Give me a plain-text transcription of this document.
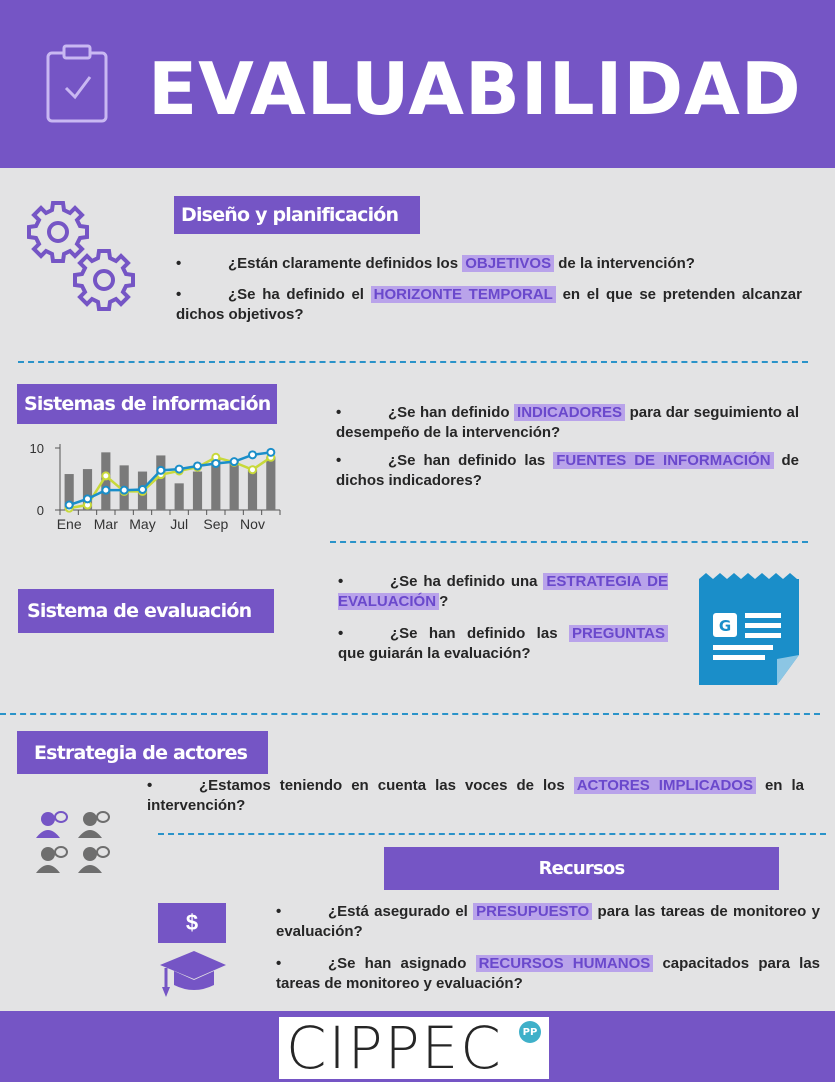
EVALUABILIDAD
Diseño y planificación
•	¿Están claramente definidos los OBJETIVOS de la intervención?
•	¿Se ha definido el HORIZONTE TEMPORAL en el que se pretenden alcanzar dichos objetivos?
Sistemas de información
0
10
Ene Mar May Jul Sep Nov
•	¿Se han definido INDICADORES para dar seguimiento al desempeño de la intervención?
•	¿Se han definido las FUENTES DE INFORMACIÓN de dichos indicadores?
Sistema de evaluación
•	¿Se ha definido una ESTRATEGIA DE EVALUACIÓN ?
•	¿Se han definido las PREGUNTAS que guiarán la evaluación?
G
Estrategia de actores
•	¿Estamos teniendo en cuenta las voces de los ACTORES IMPLICADOS en la intervención?
Recursos
$	•	¿Está asegurado el PRESUPUESTO para las tareas de monitoreo y evaluación?
•	¿Se han asignado RECURSOS HUMANOS capacitados para las tareas de monitoreo y evaluación?
CIPPEC	PP
